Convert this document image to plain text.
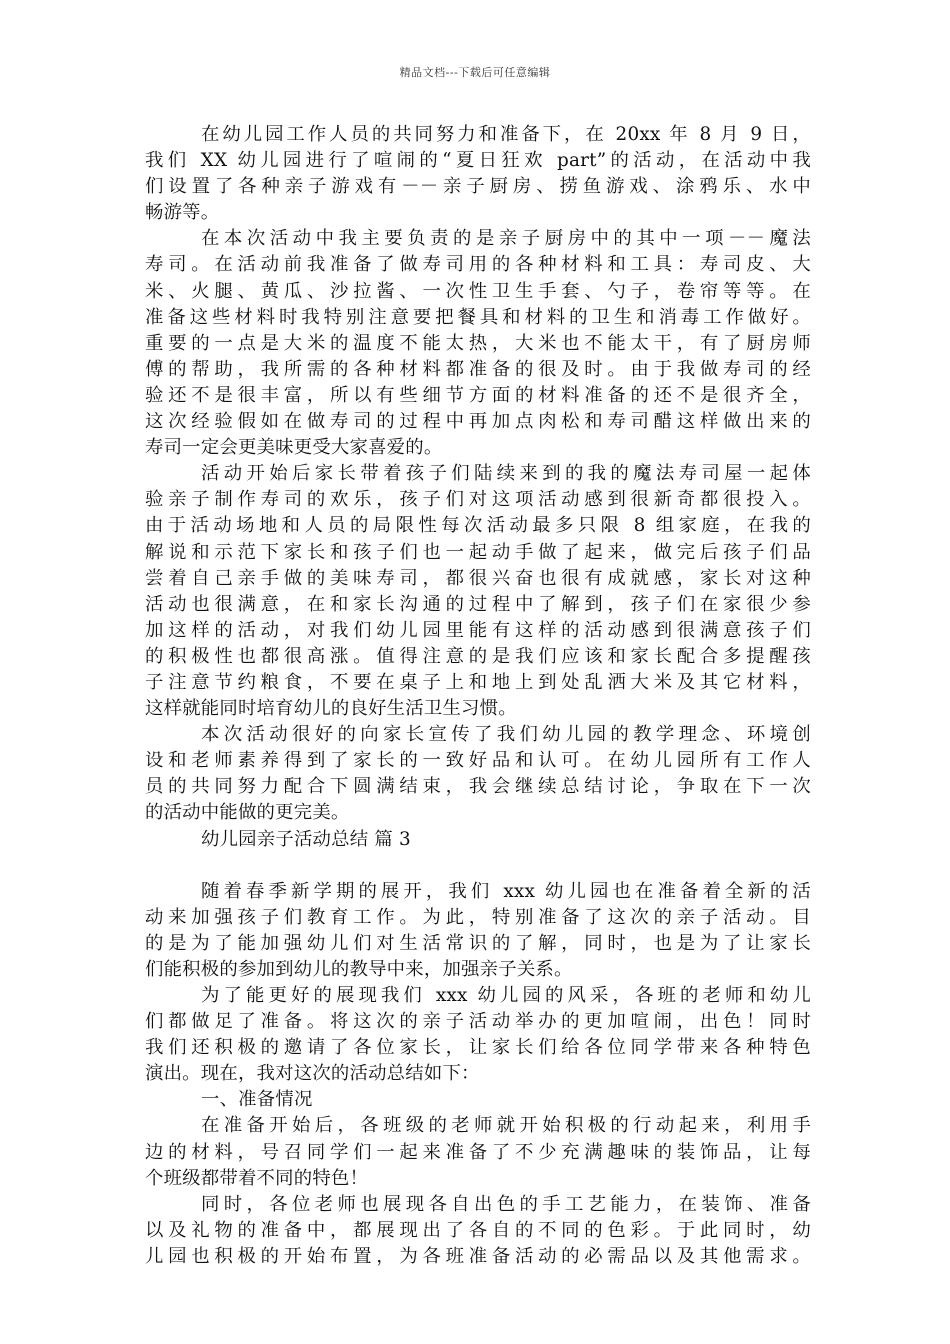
精品文档---下载后可任意编辑
在幼儿园工作人员的共同努力和准备下，在 20xx 年 8 月 9 日，
我们 XX 幼儿园进行了喧闹的“夏日狂欢 part”的活动，在活动中我
们设置了各种亲子游戏有－－亲子厨房、捞鱼游戏、涂鸦乐、水中
畅游等。
在本次活动中我主要负责的是亲子厨房中的其中一项－－魔法
寿司。在活动前我准备了做寿司用的各种材料和工具：寿司皮、大
米、火腿、黄瓜、沙拉酱、一次性卫生手套、勺子，卷帘等等。在
准备这些材料时我特别注意要把餐具和材料的卫生和消毒工作做好。
重要的一点是大米的温度不能太热，大米也不能太干，有了厨房师
傅的帮助，我所需的各种材料都准备的很及时。由于我做寿司的经
验还不是很丰富，所以有些细节方面的材料准备的还不是很齐全，
这次经验假如在做寿司的过程中再加点肉松和寿司醋这样做出来的
寿司一定会更美味更受大家喜爱的。
活动开始后家长带着孩子们陆续来到的我的魔法寿司屋一起体
验亲子制作寿司的欢乐，孩子们对这项活动感到很新奇都很投入。
由于活动场地和人员的局限性每次活动最多只限 8 组家庭，在我的
解说和示范下家长和孩子们也一起动手做了起来，做完后孩子们品
尝着自己亲手做的美味寿司，都很兴奋也很有成就感，家长对这种
活动也很满意，在和家长沟通的过程中了解到，孩子们在家很少参
加这样的活动，对我们幼儿园里能有这样的活动感到很满意孩子们
的积极性也都很高涨。值得注意的是我们应该和家长配合多提醒孩
子注意节约粮食，不要在桌子上和地上到处乱洒大米及其它材料，
这样就能同时培育幼儿的良好生活卫生习惯。
本次活动很好的向家长宣传了我们幼儿园的教学理念、环境创
设和老师素养得到了家长的一致好品和认可。在幼儿园所有工作人
员的共同努力配合下圆满结束，我会继续总结讨论，争取在下一次
的活动中能做的更完美。
幼儿园亲子活动总结 篇 3
随着春季新学期的展开，我们 xxx 幼儿园也在准备着全新的活
动来加强孩子们教育工作。为此，特别准备了这次的亲子活动。目
的是为了能加强幼儿们对生活常识的了解，同时，也是为了让家长
们能积极的参加到幼儿的教导中来，加强亲子关系。
为了能更好的展现我们 xxx 幼儿园的风采，各班的老师和幼儿
们都做足了准备。将这次的亲子活动举办的更加喧闹，出色！同时
我们还积极的邀请了各位家长，让家长们给各位同学带来各种特色
演出。现在，我对这次的活动总结如下：
一、准备情况
在准备开始后，各班级的老师就开始积极的行动起来，利用手
边的材料，号召同学们一起来准备了不少充满趣味的装饰品，让每
个班级都带着不同的特色！
同时，各位老师也展现各自出色的手工艺能力，在装饰、准备
以及礼物的准备中，都展现出了各自的不同的色彩。于此同时，幼
儿园也积极的开始布置，为各班准备活动的必需品以及其他需求。
